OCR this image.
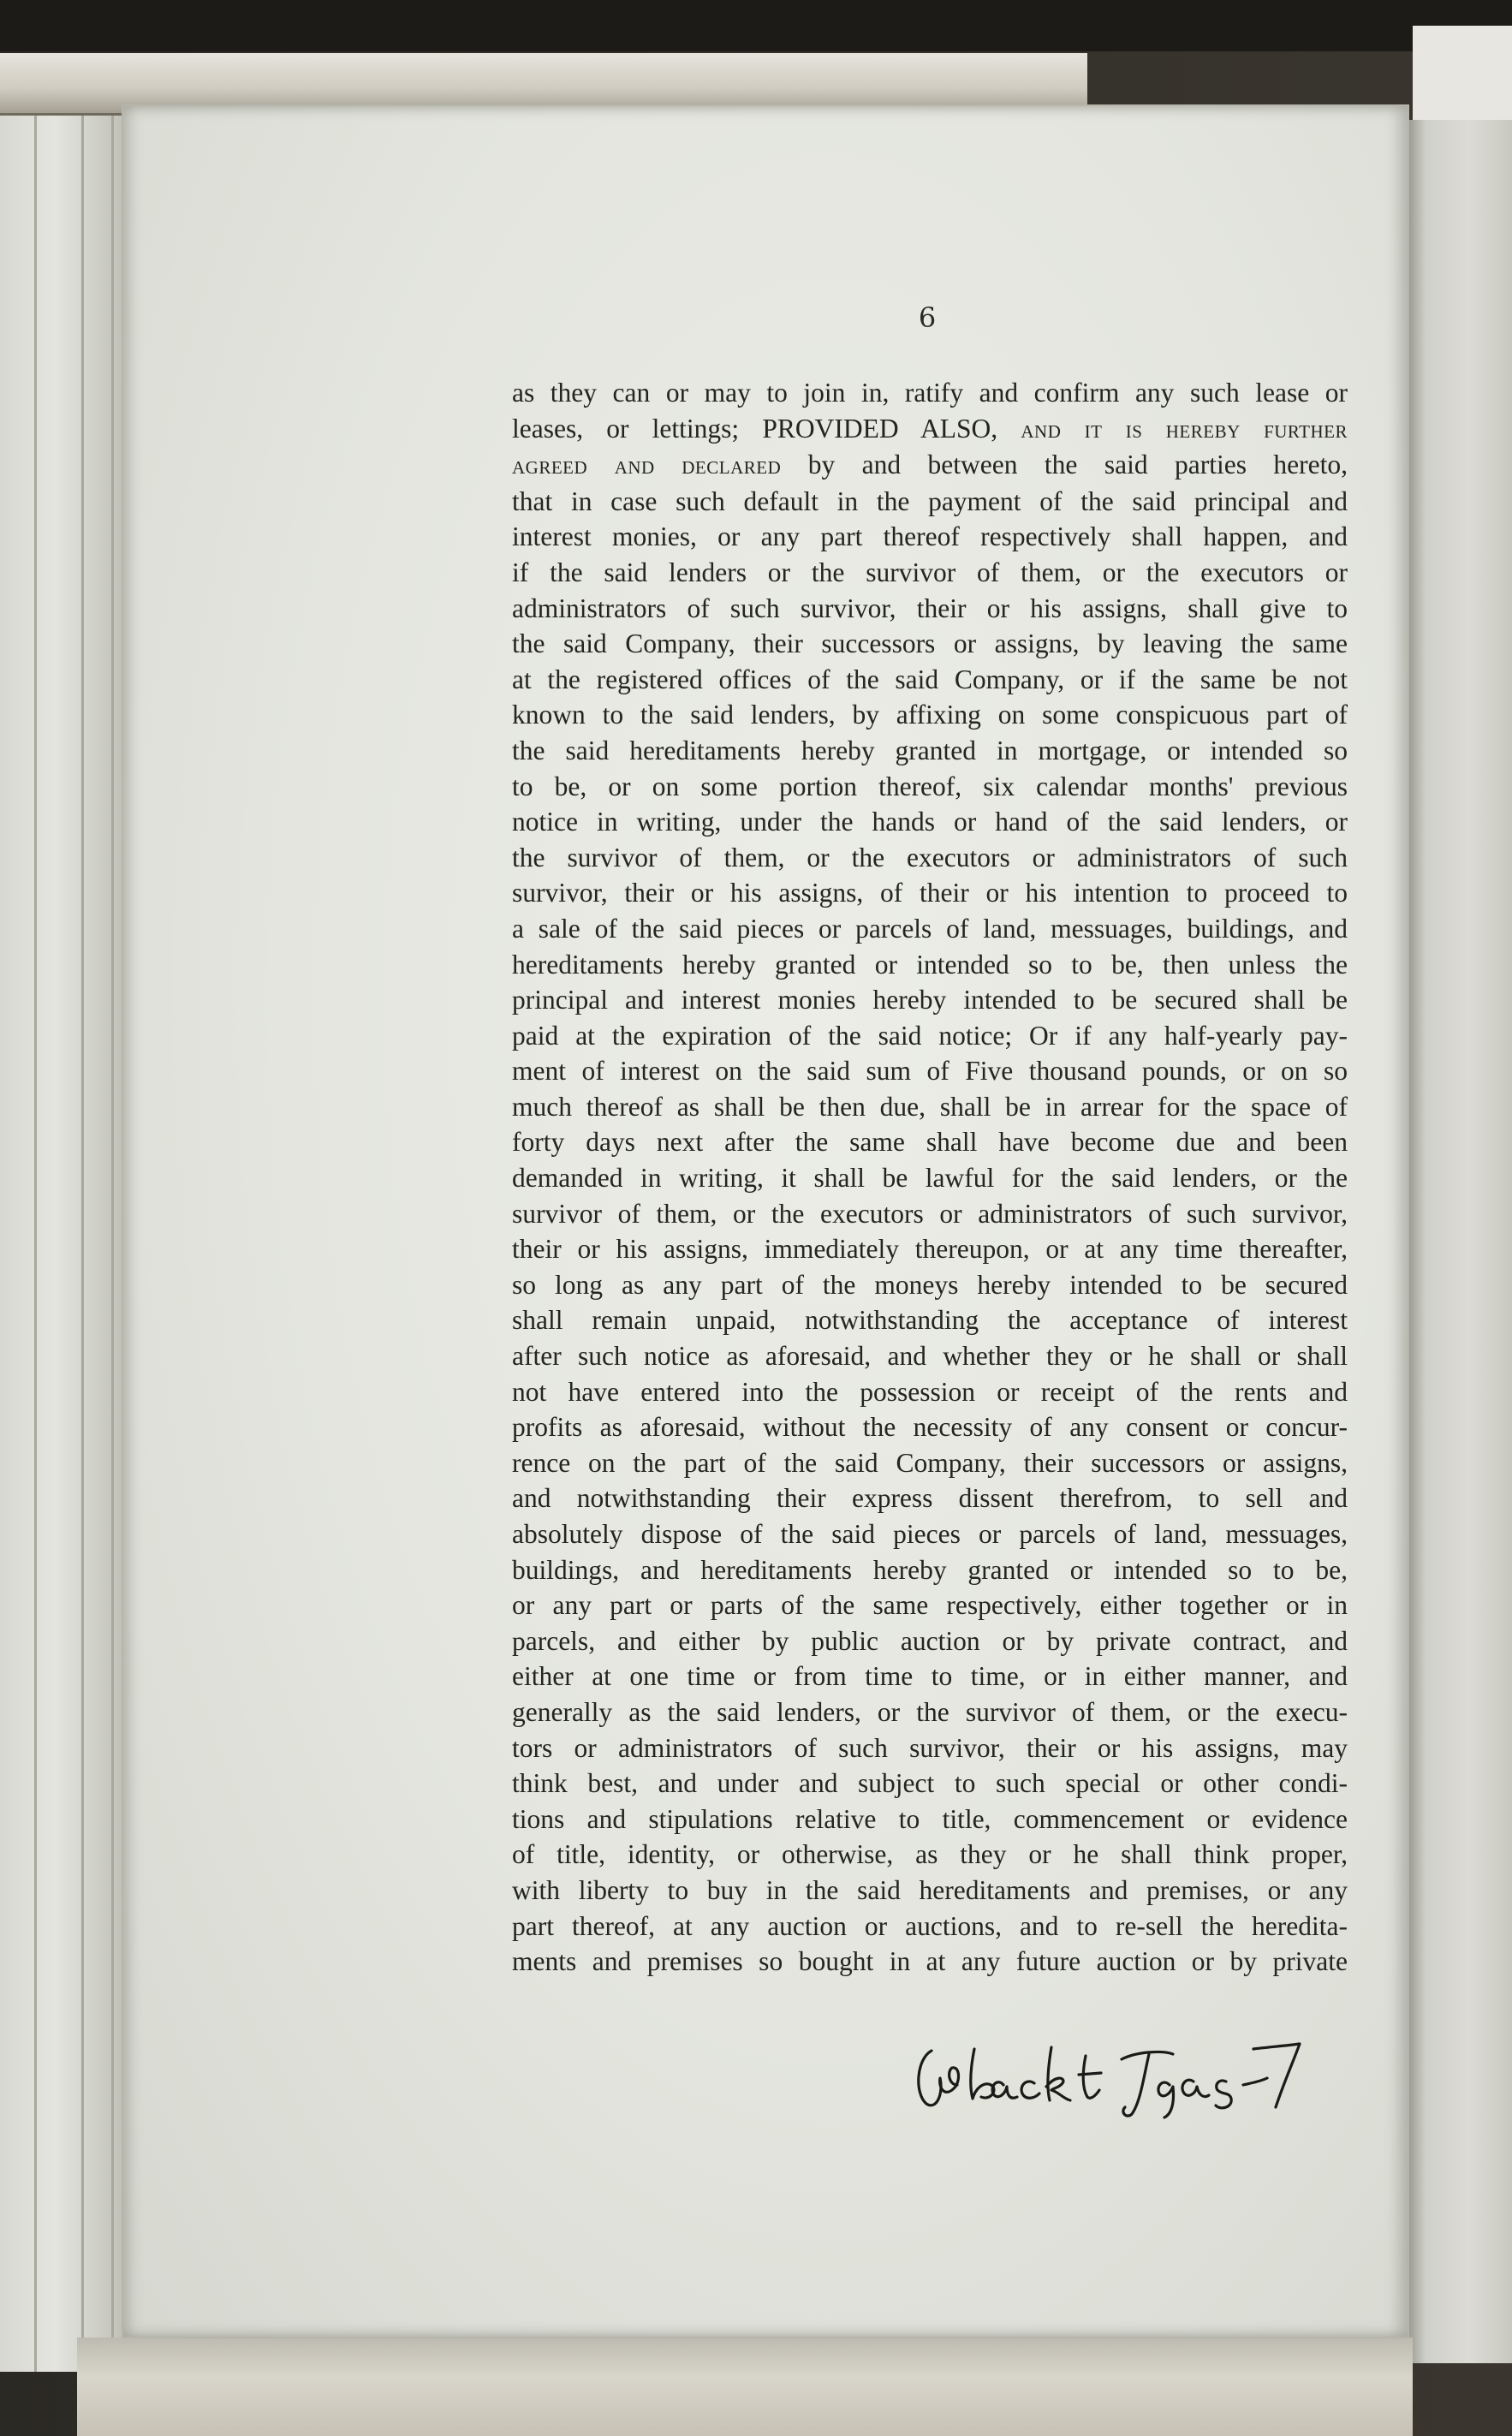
6
as they can or may to join in, ratify and confirm any such lease or
leases, or lettings; PROVIDED ALSO, and it is hereby further
agreed and declared by and between the said parties hereto,
that in case such default in the payment of the said principal and
interest monies, or any part thereof respectively shall happen, and
if the said lenders or the survivor of them, or the executors or
administrators of such survivor, their or his assigns, shall give to
the said Company, their successors or assigns, by leaving the same
at the registered offices of the said Company, or if the same be not
known to the said lenders, by affixing on some conspicuous part of
the said hereditaments hereby granted in mortgage, or intended so
to be, or on some portion thereof, six calendar months' previous
notice in writing, under the hands or hand of the said lenders, or
the survivor of them, or the executors or administrators of such
survivor, their or his assigns, of their or his intention to proceed to
a sale of the said pieces or parcels of land, messuages, buildings, and
hereditaments hereby granted or intended so to be, then unless the
principal and interest monies hereby intended to be secured shall be
paid at the expiration of the said notice; Or if any half-yearly pay-
ment of interest on the said sum of Five thousand pounds, or on so
much thereof as shall be then due, shall be in arrear for the space of
forty days next after the same shall have become due and been
demanded in writing, it shall be lawful for the said lenders, or the
survivor of them, or the executors or administrators of such survivor,
their or his assigns, immediately thereupon, or at any time thereafter,
so long as any part of the moneys hereby intended to be secured
shall remain unpaid, notwithstanding the acceptance of interest
after such notice as aforesaid, and whether they or he shall or shall
not have entered into the possession or receipt of the rents and
profits as aforesaid, without the necessity of any consent or concur-
rence on the part of the said Company, their successors or assigns,
and notwithstanding their express dissent therefrom, to sell and
absolutely dispose of the said pieces or parcels of land, messuages,
buildings, and hereditaments hereby granted or intended so to be,
or any part or parts of the same respectively, either together or in
parcels, and either by public auction or by private contract, and
either at one time or from time to time, or in either manner, and
generally as the said lenders, or the survivor of them, or the execu-
tors or administrators of such survivor, their or his assigns, may
think best, and under and subject to such special or other condi-
tions and stipulations relative to title, commencement or evidence
of title, identity, or otherwise, as they or he shall think proper,
with liberty to buy in the said hereditaments and premises, or any
part thereof, at any auction or auctions, and to re-sell the heredita-
ments and premises so bought in at any future auction or by private
